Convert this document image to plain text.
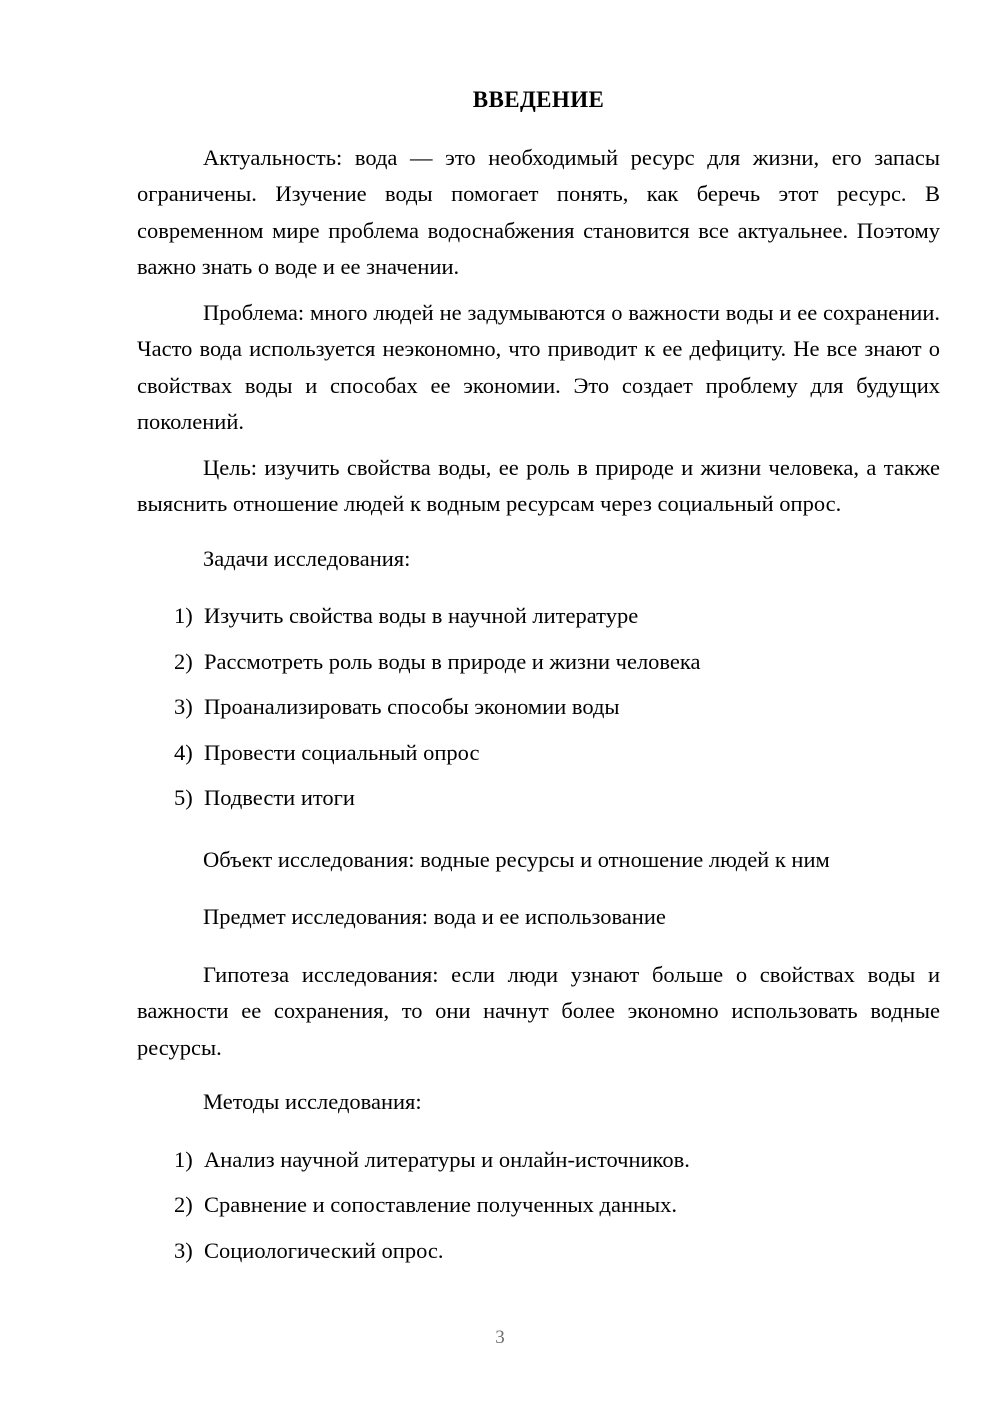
ВВЕДЕНИЕ

Актуальность: вода — это необходимый ресурс для жизни, его запасы ограничены. Изучение воды помогает понять, как беречь этот ресурс. В современном мире проблема водоснабжения становится все актуальнее. Поэтому важно знать о воде и ее значении.

Проблема: много людей не задумываются о важности воды и ее сохранении. Часто вода используется неэкономно, что приводит к ее дефициту. Не все знают о свойствах воды и способах ее экономии. Это создает проблему для будущих поколений.

Цель: изучить свойства воды, ее роль в природе и жизни человека, а также выяснить отношение людей к водным ресурсам через социальный опрос.

Задачи исследования:
1) Изучить свойства воды в научной литературе
2) Рассмотреть роль воды в природе и жизни человека
3) Проанализировать способы экономии воды
4) Провести социальный опрос
5) Подвести итоги
Объект исследования: водные ресурсы и отношение людей к ним
Предмет исследования: вода и ее использование

Гипотеза исследования: если люди узнают больше о свойствах воды и важности ее сохранения, то они начнут более экономно использовать водные ресурсы.

Методы исследования:
1) Анализ научной литературы и онлайн-источников.
2) Сравнение и сопоставление полученных данных.
3) Социологический опрос.
3
